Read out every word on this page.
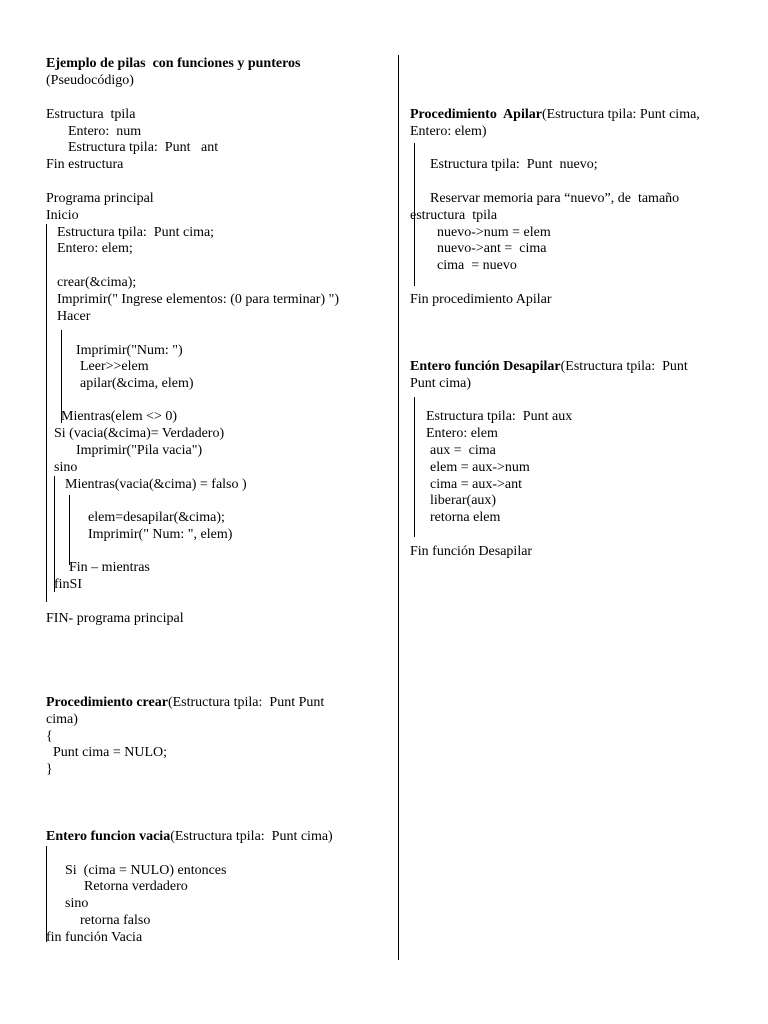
Ejemplo de pilas  con funciones y punteros
(Pseudocódigo)
Estructura  tpila
Entero:  num
Estructura tpila:  Punt   ant
Fin estructura
Programa principal
Inicio
Estructura tpila:  Punt cima;
Entero: elem;
crear(&cima);
Imprimir(" Ingrese elementos: (0 para terminar) ")
Hacer
Imprimir("Num: ")
Leer>>elem
apilar(&cima, elem)
Mientras(elem <> 0)
Si (vacia(&cima)= Verdadero)
Imprimir("Pila vacia")
sino
Mientras(vacia(&cima) = falso )
elem=desapilar(&cima);
Imprimir(" Num: ", elem)
Fin – mientras
finSI
FIN- programa principal
Procedimiento crear(Estructura tpila:  Punt Punt
cima)
{
Punt cima = NULO;
}
Entero funcion vacia(Estructura tpila:  Punt cima)
Si  (cima = NULO) entonces
Retorna verdadero
sino
retorna falso
fin función Vacia
Procedimiento  Apilar(Estructura tpila: Punt cima,
Entero: elem)
Estructura tpila:  Punt  nuevo;
Reservar memoria para “nuevo”, de  tamaño
estructura  tpila
nuevo->num = elem
nuevo->ant =  cima
cima  = nuevo
Fin procedimiento Apilar
Entero función Desapilar(Estructura tpila:  Punt
Punt cima)
Estructura tpila:  Punt aux
Entero: elem
aux =  cima
elem = aux->num
cima = aux->ant
liberar(aux)
retorna elem
Fin función Desapilar
